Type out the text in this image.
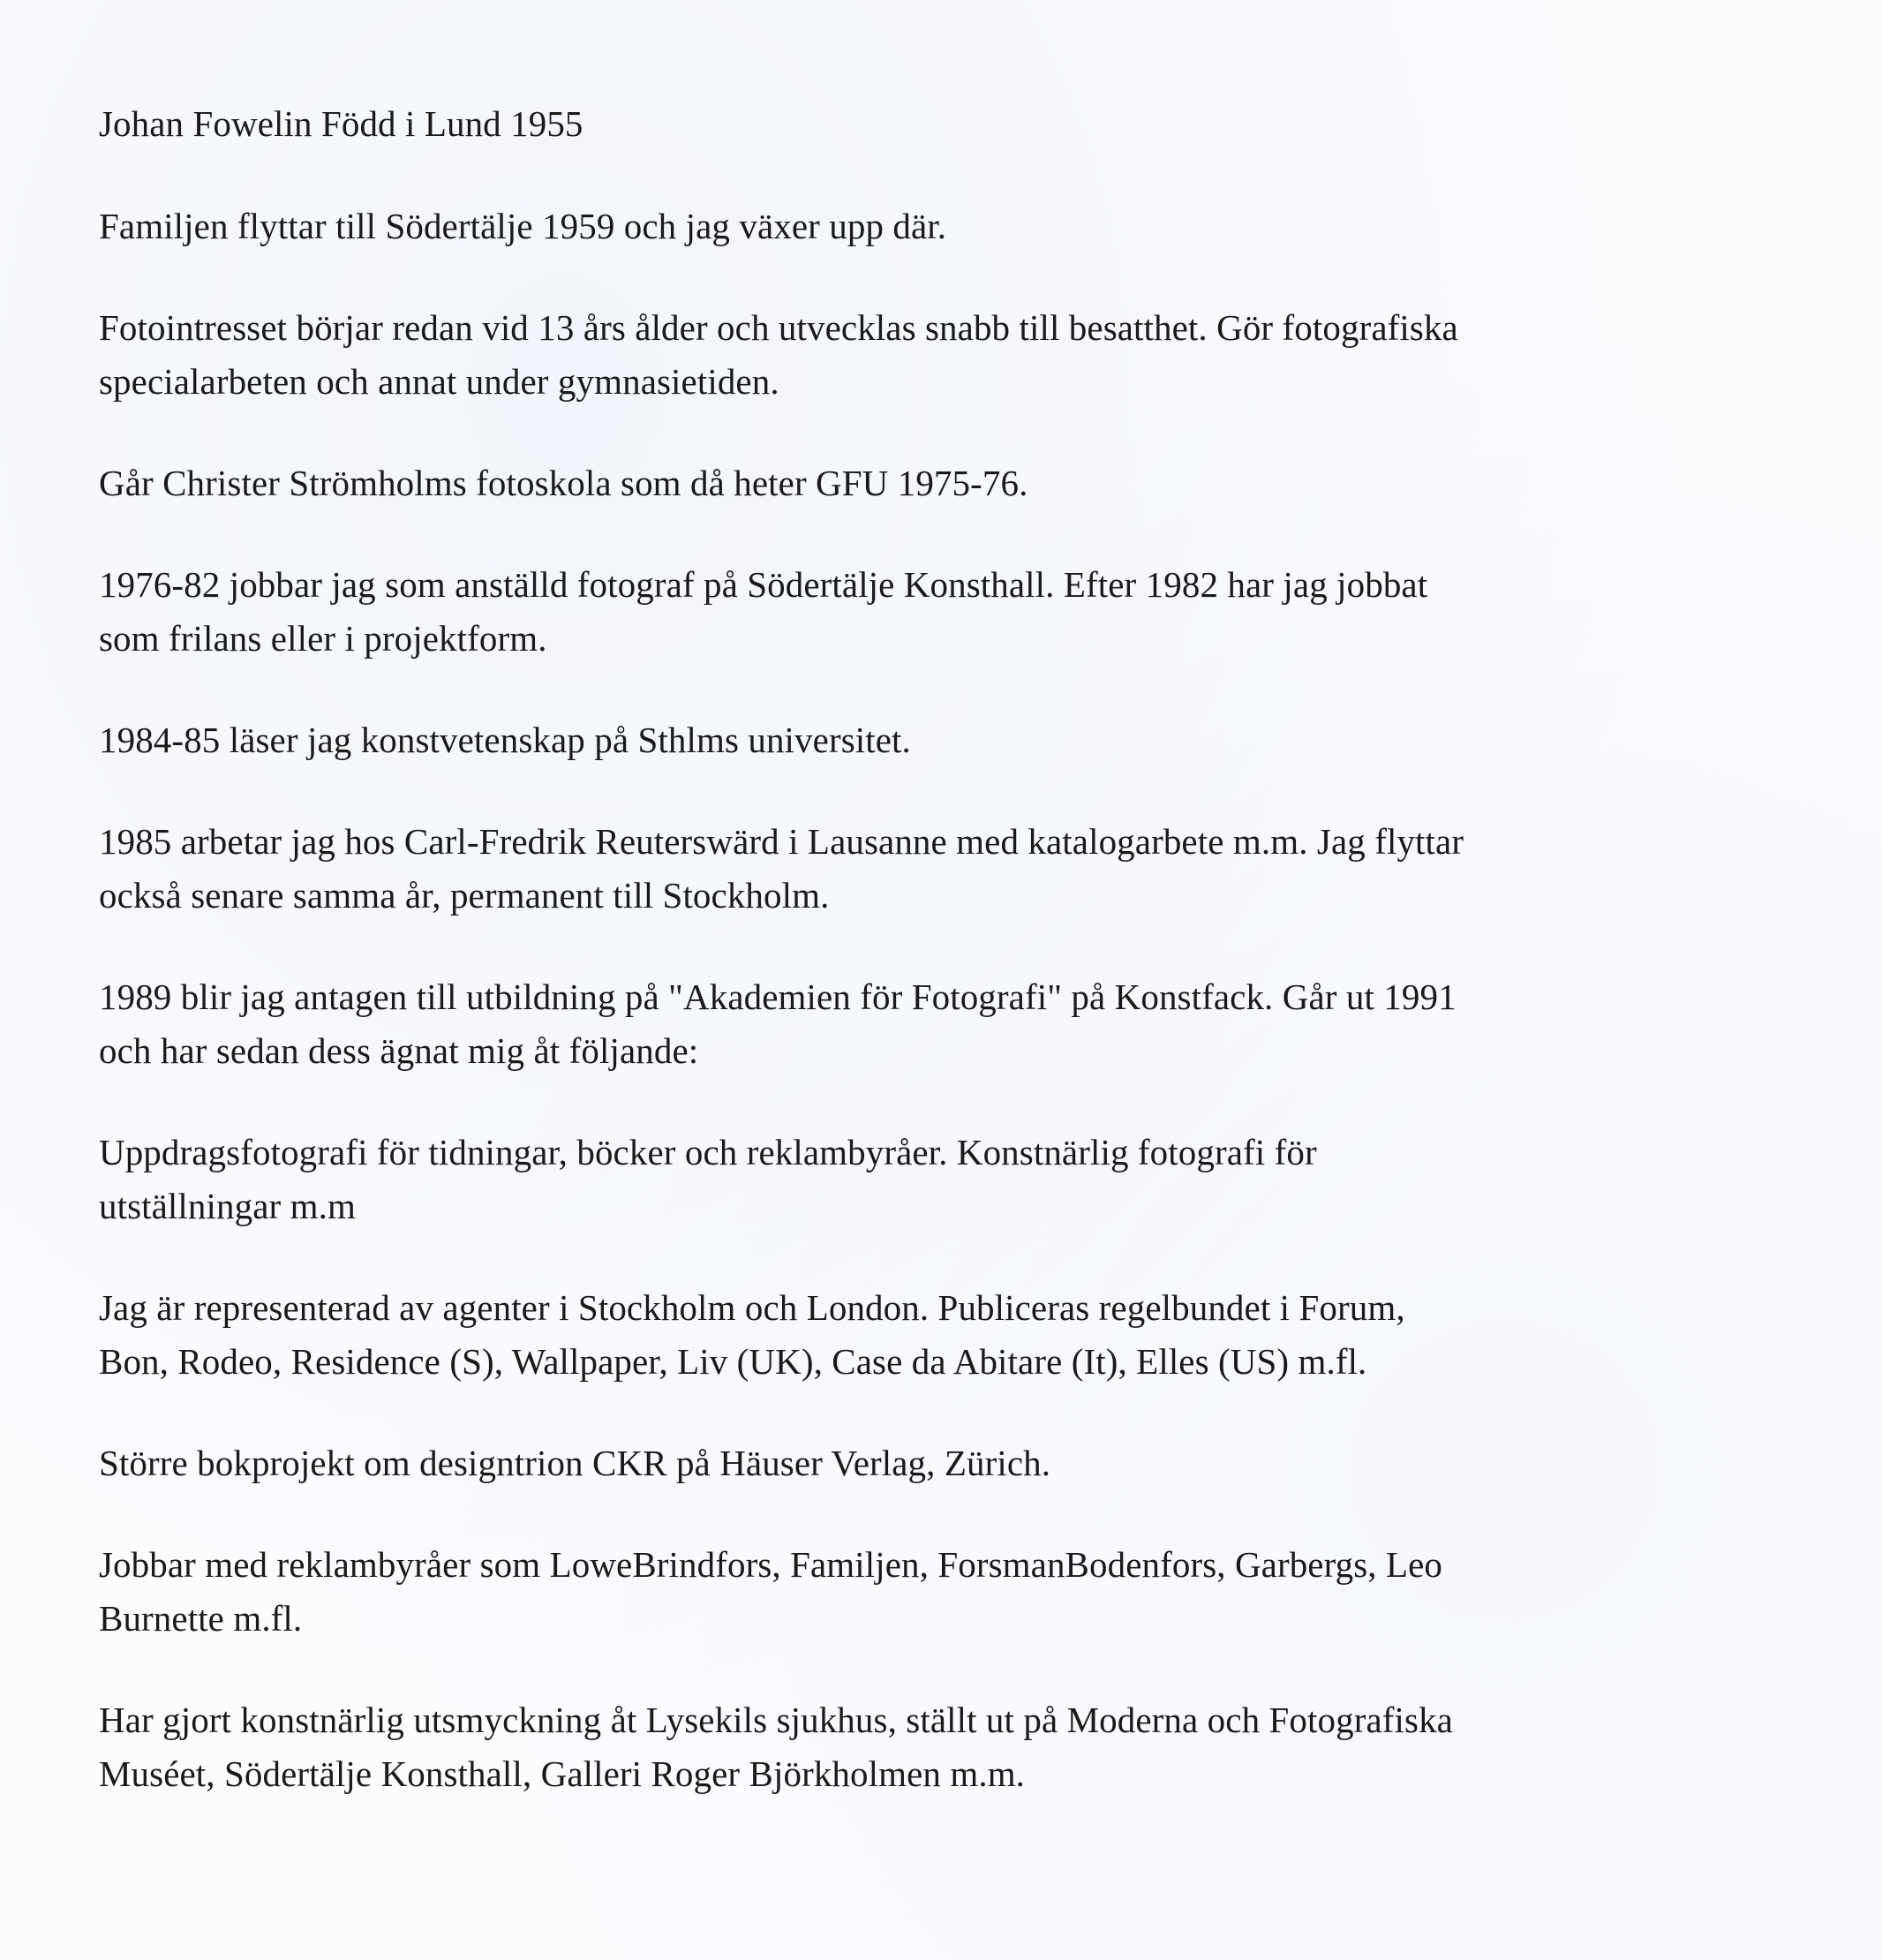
Johan Fowelin Född i Lund 1955

Familjen flyttar till Södertälje 1959 och jag växer upp där.

Fotointresset börjar redan vid 13 års ålder och utvecklas snabb till besatthet. Gör fotografiska
specialarbeten och annat under gymnasietiden.

Går Christer Strömholms fotoskola som då heter GFU 1975-76.

1976-82 jobbar jag som anställd fotograf på Södertälje Konsthall. Efter 1982 har jag jobbat
som frilans eller i projektform.

1984-85 läser jag konstvetenskap på Sthlms universitet.

1985 arbetar jag hos Carl-Fredrik Reuterswärd i Lausanne med katalogarbete m.m. Jag flyttar
också senare samma år, permanent till Stockholm.

1989 blir jag antagen till utbildning på "Akademien för Fotografi" på Konstfack. Går ut 1991
och har sedan dess ägnat mig åt följande:

Uppdragsfotografi för tidningar, böcker och reklambyråer. Konstnärlig fotografi för
utställningar m.m

Jag är representerad av agenter i Stockholm och London. Publiceras regelbundet i Forum,
Bon, Rodeo, Residence (S), Wallpaper, Liv (UK), Case da Abitare (It), Elles (US) m.fl.

Större bokprojekt om designtrion CKR på Häuser Verlag, Zürich.

Jobbar med reklambyråer som LoweBrindfors, Familjen, ForsmanBodenfors, Garbergs, Leo
Burnette m.fl.

Har gjort konstnärlig utsmyckning åt Lysekils sjukhus, ställt ut på Moderna och Fotografiska
Muséet, Södertälje Konsthall, Galleri Roger Björkholmen m.m.
